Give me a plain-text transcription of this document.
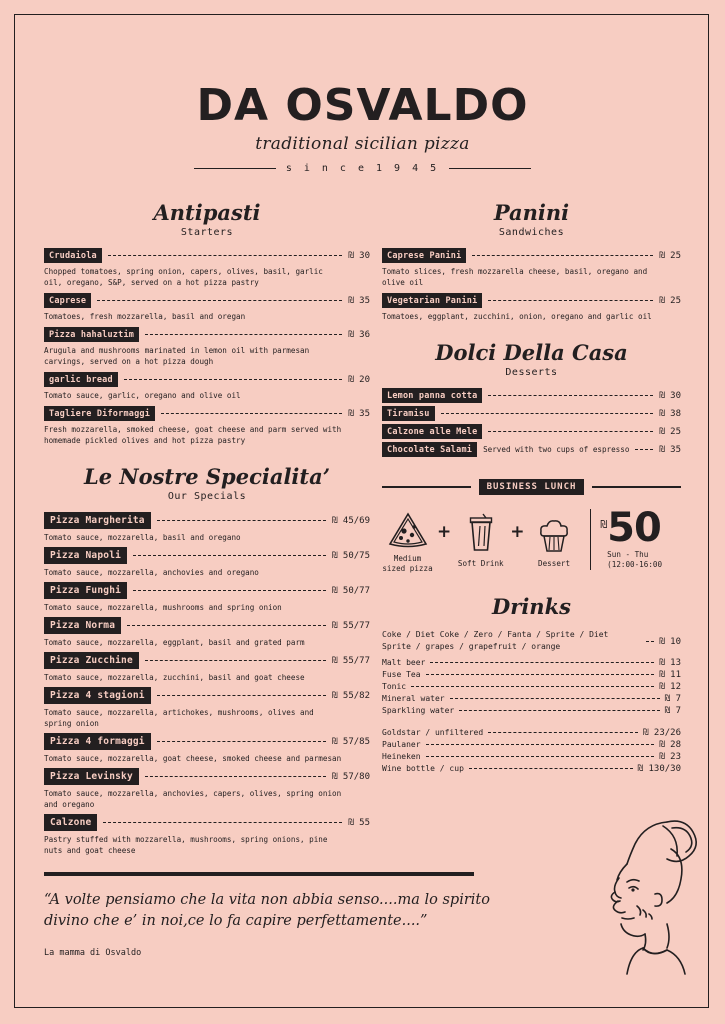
DA OSVALDO
traditional sicilian pizza
s i n c e 1 9 4 5
Antipasti
Starters
Crudaiola	₪ 30
Chopped tomatoes, spring onion, capers, olives, basil, garlic oil, oregano, S&P, served on a hot pizza pastry
Caprese	₪ 35
Tomatoes, fresh mozzarella, basil and oregan
Pizza hahaluztim	₪ 36
Arugula and mushrooms marinated in lemon oil with parmesan carvings, served on a hot pizza dough
garlic bread	₪ 20
Tomato sauce, garlic, oregano and olive oil
Tagliere Diformaggi	₪ 35
Fresh mozzarella, smoked cheese, goat cheese and parm served with homemade pickled olives and hot pizza pastry
Le Nostre Specialita’
Our Specials
Pizza Margherita	₪ 45/69
Tomato sauce, mozzarella, basil and oregano
Pizza Napoli	₪ 50/75
Tomato sauce, mozzarella, anchovies and oregano
Pizza Funghi	₪ 50/77
Tomato sauce, mozzarella, mushrooms and spring onion
Pizza Norma	₪ 55/77
Tomato sauce, mozzarella, eggplant, basil and grated parm
Pizza Zucchine	₪ 55/77
Tomato sauce, mozzarella, zucchini, basil and goat cheese
Pizza 4 stagioni	₪ 55/82
Tomato sauce, mozzarella, artichokes, mushrooms, olives and spring onion
Pizza 4 formaggi	₪ 57/85
Tomato sauce, mozzarella, goat cheese, smoked cheese and parmesan
Pizza Levinsky	₪ 57/80
Tomato sauce, mozzarella, anchovies, capers, olives, spring onion and oregano
Calzone	₪ 55
Pastry stuffed with mozzarella, mushrooms, spring onions, pine nuts and goat cheese
Panini
Sandwiches
Caprese Panini	₪ 25
Tomato slices, fresh mozzarella cheese, basil, oregano and olive oil
Vegetarian Panini	₪ 25
Tomatoes, eggplant, zucchini, onion, oregano and garlic oil
Dolci Della Casa
Desserts
Lemon panna cotta	₪ 30
Tiramisu	₪ 38
Calzone alle Mele	₪ 25
Chocolate Salami	Served with two cups of espresso	₪ 35
BUSINESS LUNCH
Medium sized pizza
+
Soft Drink
+
Dessert
₪ 50
Sun - Thu (12:00-16:00
Drinks
Coke / Diet Coke / Zero / Fanta / Sprite / Diet Sprite / grapes / grapefruit / orange	₪ 10
Malt beer	₪ 13
Fuse Tea	₪ 11
Tonic	₪ 12
Mineral water	₪ 7
Sparkling water	₪ 7
Goldstar / unfiltered	₪ 23/26
Paulaner	₪ 28
Heineken	₪ 23
Wine bottle / cup	₪ 130/30
“A volte pensiamo che la vita non abbia senso....ma lo spirito divino che e’ in noi,ce lo fa capire perfettamente....”
La mamma di Osvaldo
